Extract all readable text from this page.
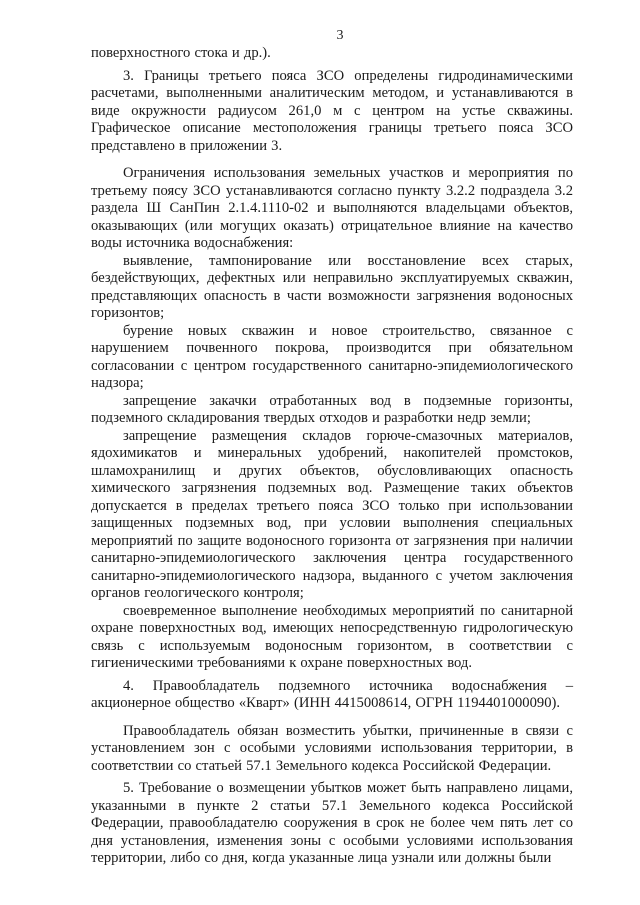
3

поверхностного стока и др.).

3. Границы третьего пояса ЗСО определены гидродинамическими расчетами, выполненными аналитическим методом, и устанавливаются в виде окружности радиусом 261,0 м с центром на устье скважины. Графическое описание местоположения границы третьего пояса ЗСО представлено в приложении 3.

Ограничения использования земельных участков и мероприятия по третьему поясу ЗСО устанавливаются согласно пункту 3.2.2 подраздела 3.2 раздела Ш СанПин 2.1.4.1110-02 и выполняются владельцами объектов, оказывающих (или могущих оказать) отрицательное влияние на качество воды источника водоснабжения:

выявление, тампонирование или восстановление всех старых, бездействующих, дефектных или неправильно эксплуатируемых скважин, представляющих опасность в части возможности загрязнения водоносных горизонтов;

бурение новых скважин и новое строительство, связанное с нарушением почвенного покрова, производится при обязательном согласовании с центром государственного санитарно-эпидемиологического надзора;

запрещение закачки отработанных вод в подземные горизонты, подземного складирования твердых отходов и разработки недр земли;

запрещение размещения складов горюче-смазочных материалов, ядохимикатов и минеральных удобрений, накопителей промстоков, шламохранилищ и других объектов, обусловливающих опасность химического загрязнения подземных вод. Размещение таких объектов допускается в пределах третьего пояса ЗСО только при использовании защищенных подземных вод, при условии выполнения специальных мероприятий по защите водоносного горизонта от загрязнения при наличии санитарно-эпидемиологического заключения центра государственного санитарно-эпидемиологического надзора, выданного с учетом заключения органов геологического контроля;

своевременное выполнение необходимых мероприятий по санитарной охране поверхностных вод, имеющих непосредственную гидрологическую связь с используемым водоносным горизонтом, в соответствии с гигиеническими требованиями к охране поверхностных вод.

4. Правообладатель подземного источника водоснабжения – акционерное общество «Кварт» (ИНН 4415008614, ОГРН 1194401000090).

Правообладатель обязан возместить убытки, причиненные в связи с установлением зон с особыми условиями использования территории, в соответствии со статьей 57.1 Земельного кодекса Российской Федерации.

5. Требование о возмещении убытков может быть направлено лицами, указанными в пункте 2 статьи 57.1 Земельного кодекса Российской Федерации, правообладателю сооружения в срок не более чем пять лет со дня установления, изменения зоны с особыми условиями использования территории, либо со дня, когда указанные лица узнали или должны были
